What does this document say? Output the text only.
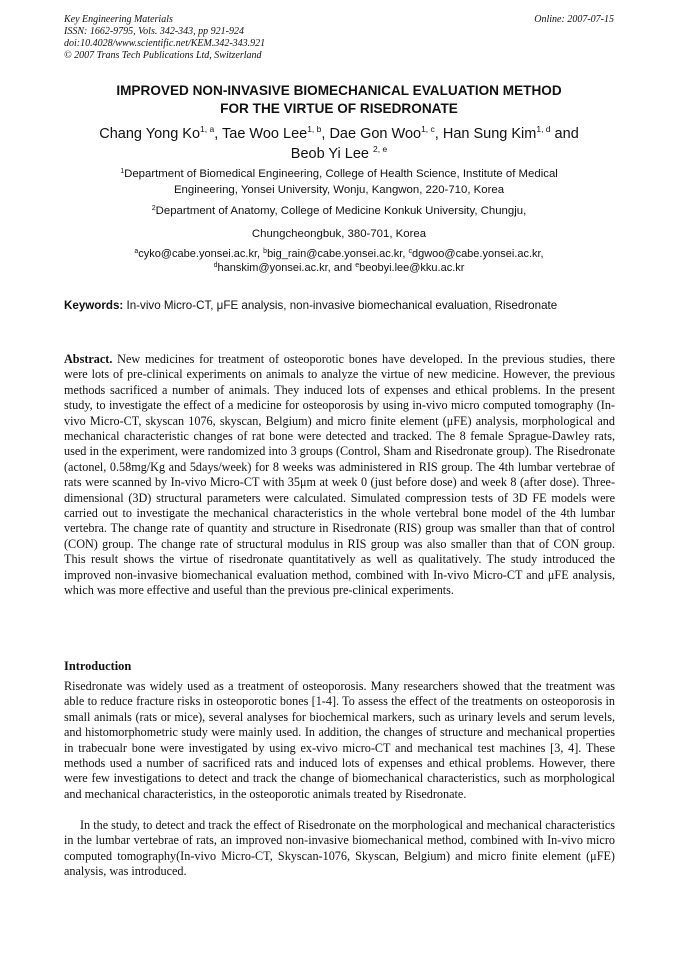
Key Engineering Materials
ISSN: 1662-9795, Vols. 342-343, pp 921-924
doi:10.4028/www.scientific.net/KEM.342-343.921
© 2007 Trans Tech Publications Ltd, Switzerland
Online: 2007-07-15
IMPROVED NON-INVASIVE BIOMECHANICAL EVALUATION METHOD
FOR THE VIRTUE OF RISEDRONATE
Chang Yong Ko$^{1, a}$, Tae Woo Lee$^{1, b}$, Dae Gon Woo$^{1, c}$, Han Sung Kim$^{1, d}$ and
Beob Yi Lee $^{2, e}$
$^1$Department of Biomedical Engineering, College of Health Science, Institute of Medical
Engineering, Yonsei University, Wonju, Kangwon, 220-710, Korea
$^2$Department of Anatomy, College of Medicine Konkuk University, Chungju,
Chungcheongbuk, 380-701, Korea
$^a$cyko@cabe.yonsei.ac.kr, $^b$big_rain@cabe.yonsei.ac.kr, $^c$dgwoo@cabe.yonsei.ac.kr,
$^d$hanskim@yonsei.ac.kr, and $^e$beobyi.lee@kku.ac.kr
Keywords: In-vivo Micro-CT, μFE analysis, non-invasive biomechanical evaluation, Risedronate
Abstract. New medicines for treatment of osteoporotic bones have developed. In the previous studies, there were lots of pre-clinical experiments on animals to analyze the virtue of new medicine. However, the previous methods sacrificed a number of animals. They induced lots of expenses and ethical problems. In the present study, to investigate the effect of a medicine for osteoporosis by using in-vivo micro computed tomography (In-vivo Micro-CT, skyscan 1076, skyscan, Belgium) and micro finite element (μFE) analysis, morphological and mechanical characteristic changes of rat bone were detected and tracked. The 8 female Sprague-Dawley rats, used in the experiment, were randomized into 3 groups (Control, Sham and Risedronate group). The Risedronate (actonel, 0.58mg/Kg and 5days/week) for 8 weeks was administered in RIS group. The 4th lumbar vertebrae of rats were scanned by In-vivo Micro-CT with 35μm at week 0 (just before dose) and week 8 (after dose). Three-dimensional (3D) structural parameters were calculated. Simulated compression tests of 3D FE models were carried out to investigate the mechanical characteristics in the whole vertebral bone model of the 4th lumbar vertebra. The change rate of quantity and structure in Risedronate (RIS) group was smaller than that of control (CON) group. The change rate of structural modulus in RIS group was also smaller than that of CON group. This result shows the virtue of risedronate quantitatively as well as qualitatively. The study introduced the improved non-invasive biomechanical evaluation method, combined with In-vivo Micro-CT and μFE analysis, which was more effective and useful than the previous pre-clinical experiments.
Introduction
Risedronate was widely used as a treatment of osteoporosis. Many researchers showed that the treatment was able to reduce fracture risks in osteoporotic bones [1-4]. To assess the effect of the treatments on osteoporosis in small animals (rats or mice), several analyses for biochemical markers, such as urinary levels and serum levels, and histomorphometric study were mainly used. In addition, the changes of structure and mechanical properties in trabecualr bone were investigated by using ex-vivo micro-CT and mechanical test machines [3, 4]. These methods used a number of sacrificed rats and induced lots of expenses and ethical problems. However, there were few investigations to detect and track the change of biomechanical characteristics, such as morphological and mechanical characteristics, in the osteoporotic animals treated by Risedronate.
In the study, to detect and track the effect of Risedronate on the morphological and mechanical characteristics in the lumbar vertebrae of rats, an improved non-invasive biomechanical method, combined with In-vivo micro computed tomography(In-vivo Micro-CT, Skyscan-1076, Skyscan, Belgium) and micro finite element (μFE) analysis, was introduced.
